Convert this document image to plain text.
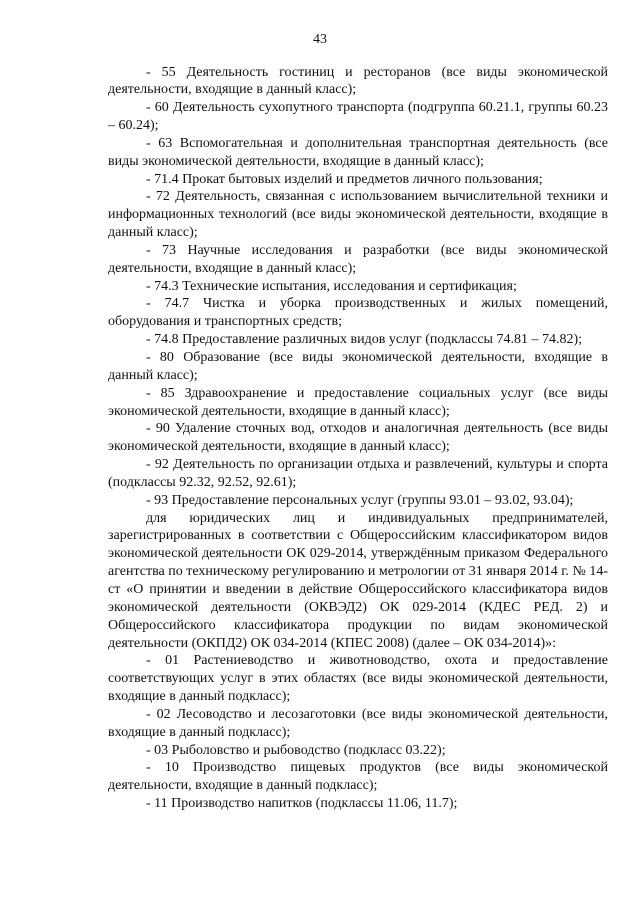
43

- 55 Деятельность гостиниц и ресторанов (все виды экономической деятельности, входящие в данный класс);

- 60 Деятельность сухопутного транспорта (подгруппа 60.21.1, группы 60.23 – 60.24);

- 63 Вспомогательная и дополнительная транспортная деятельность (все виды экономической деятельности, входящие в данный класс);

- 71.4 Прокат бытовых изделий и предметов личного пользования;

- 72 Деятельность, связанная с использованием вычислительной техники и информационных технологий (все виды экономической деятельности, входящие в данный класс);

- 73 Научные исследования и разработки (все виды экономической деятельности, входящие в данный класс);

- 74.3 Технические испытания, исследования и сертификация;

- 74.7 Чистка и уборка производственных и жилых помещений, оборудования и транспортных средств;

- 74.8 Предоставление различных видов услуг (подклассы 74.81 – 74.82);

- 80 Образование (все виды экономической деятельности, входящие в данный класс);

- 85 Здравоохранение и предоставление социальных услуг (все виды экономической деятельности, входящие в данный класс);

- 90 Удаление сточных вод, отходов и аналогичная деятельность (все виды экономической деятельности, входящие в данный класс);

- 92 Деятельность по организации отдыха и развлечений, культуры и спорта (подклассы 92.32, 92.52, 92.61);

- 93 Предоставление персональных услуг (группы 93.01 – 93.02, 93.04);

для юридических лиц и индивидуальных предпринимателей, зарегистрированных в соответствии с Общероссийским классификатором видов экономической деятельности ОК 029-2014, утверждённым приказом Федерального агентства по техническому регулированию и метрологии от 31 января 2014 г. № 14-ст «О принятии и введении в действие Общероссийского классификатора видов экономической деятельности (ОКВЭД2) ОК 029-2014 (КДЕС РЕД. 2) и Общероссийского классификатора продукции по видам экономической деятельности (ОКПД2) ОК 034-2014 (КПЕС 2008) (далее – ОК 034-2014)»:

- 01 Растениеводство и животноводство, охота и предоставление соответствующих услуг в этих областях (все виды экономической деятельности, входящие в данный подкласс);

- 02 Лесоводство и лесозаготовки (все виды экономической деятельности, входящие в данный подкласс);

- 03 Рыболовство и рыбоводство (подкласс 03.22);

- 10 Производство пищевых продуктов (все виды экономической деятельности, входящие в данный подкласс);

- 11 Производство напитков (подклассы 11.06, 11.7);
